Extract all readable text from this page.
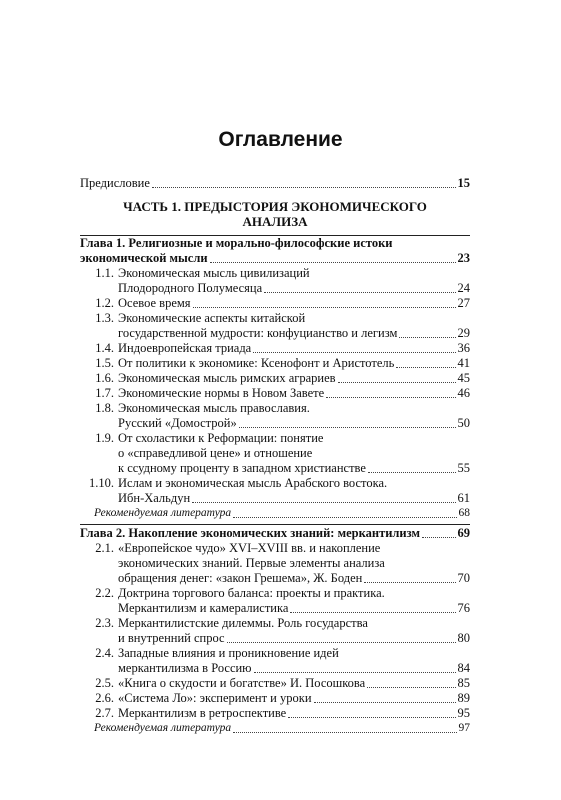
Оглавление
Предисловие	15
ЧАСТЬ 1. ПРЕДЫСТОРИЯ ЭКОНОМИЧЕСКОГО
АНАЛИЗА
Глава 1. Религиозные и морально-философские истоки
экономической мысли	23
1.1. Экономическая мысль цивилизаций
Плодородного Полумесяца	24
1.2. Осевое время	27
1.3. Экономические аспекты китайской
государственной мудрости: конфуцианство и легизм	29
1.4. Индоевропейская триада	36
1.5. От политики к экономике: Ксенофонт и Аристотель	41
1.6. Экономическая мысль римских аграриев	45
1.7. Экономические нормы в Новом Завете	46
1.8. Экономическая мысль православия.
Русский «Домострой»	50
1.9. От схоластики к Реформации: понятие
о «справедливой цене» и отношение
к ссудному проценту в западном христианстве	55
1.10. Ислам и экономическая мысль Арабского востока.
Ибн-Хальдун	61
Рекомендуемая литература	68
Глава 2. Накопление экономических знаний: меркантилизм	69
2.1. «Европейское чудо» XVI–XVIII вв. и накопление
экономических знаний. Первые элементы анализа
обращения денег: «закон Грешема», Ж. Боден	70
2.2. Доктрина торгового баланса: проекты и практика.
Меркантилизм и камералистика	76
2.3. Меркантилистские дилеммы. Роль государства
и внутренний спрос	80
2.4. Западные влияния и проникновение идей
меркантилизма в Россию	84
2.5. «Книга о скудости и богатстве» И. Посошкова	85
2.6. «Система Ло»: эксперимент и уроки	89
2.7. Меркантилизм в ретроспективе	95
Рекомендуемая литература	97
